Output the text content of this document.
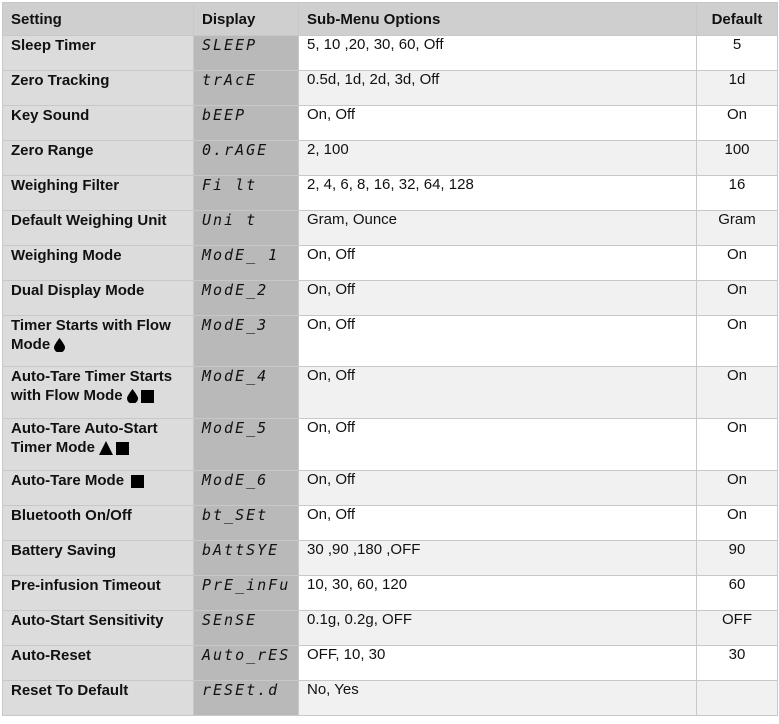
Setting	Display	Sub-Menu Options	Default
Sleep Timer	SLEEP	5, 10 ,20, 30, 60, Off	5
Zero Tracking	trAcE	0.5d, 1d, 2d, 3d, Off	1d
Key Sound	bEEP	On, Off	On
Zero Range	0.rAGE	2, 100	100
Weighing Filter	Fi lt	2, 4, 6, 8, 16, 32, 64, 128	16
Default Weighing Unit	Uni t	Gram, Ounce	Gram
Weighing Mode	ModE_ 1	On, Off	On
Dual Display Mode	ModE_2	On, Off	On
Timer Starts with Flow Mode	ModE_3	On, Off	On
Auto-Tare Timer Starts with Flow Mode	ModE_4	On, Off	On
Auto-Tare Auto-Start Timer Mode	ModE_5	On, Off	On
Auto-Tare Mode	ModE_6	On, Off	On
Bluetooth On/Off	bt_SEt	On, Off	On
Battery Saving	bAttSYE	30 ,90 ,180 ,OFF	90
Pre-infusion Timeout	PrE_inFu	10, 30, 60, 120	60
Auto-Start Sensitivity	SEnSE	0.1g, 0.2g, OFF	OFF
Auto-Reset	Auto_rES	OFF, 10, 30	30
Reset To Default	rESEt.d	No, Yes	
